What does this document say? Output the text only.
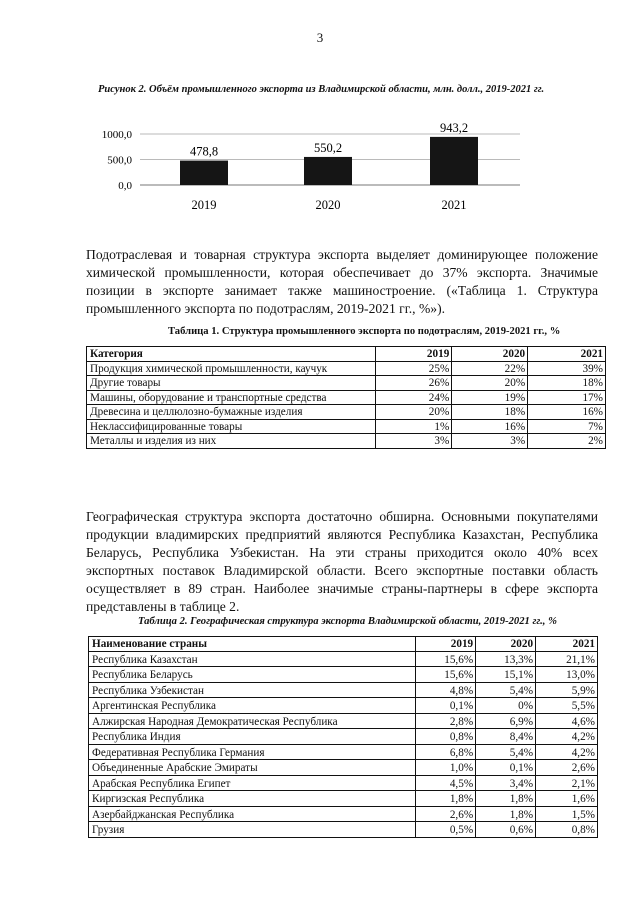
3
Рисунок 2. Объём промышленного экспорта из Владимирской области, млн. долл., 2019-2021 гг.
1000,0
500,0
0,0
478,8	550,2
943,2
2019	2020	2021

Подотраслевая и товарная структура экспорта выделяет доминирующее положение химической промышленности, которая обеспечивает до 37% экспорта. Значимые позиции в экспорте занимает также машиностроение. («Таблица 1. Структура промышленного экспорта по подотраслям, 2019-2021 гг., %»).

Таблица 1. Структура промышленного экспорта по подотраслям, 2019-2021 гг., %
Категория	2019	2020	2021
Продукция химической промышленности, каучук	25%	22%	39%
Другие товары	26%	20%	18%
Машины, оборудование и транспортные средства	24%	19%	17%
Древесина и целлюлозно-бумажные изделия	20%	18%	16%
Неклассифицированные товары	1%	16%	7%
Металлы и изделия из них	3%	3%	2%

Географическая структура экспорта достаточно обширна. Основными покупателями продукции владимирских предприятий являются Республика Казахстан, Республика Беларусь, Республика Узбекистан. На эти страны приходится около 40% всех экспортных поставок Владимирской области. Всего экспортные поставки область осуществляет в 89 стран. Наиболее значимые страны-партнеры в сфере экспорта представлены в таблице 2.

Таблица 2. Географическая структура экспорта Владимирской области, 2019-2021 гг., %
Наименование страны	2019	2020	2021
Республика Казахстан	15,6%	13,3%	21,1%
Республика Беларусь	15,6%	15,1%	13,0%
Республика Узбекистан	4,8%	5,4%	5,9%
Аргентинская Республика	0,1%	0%	5,5%
Алжирская Народная Демократическая Республика	2,8%	6,9%	4,6%
Республика Индия	0,8%	8,4%	4,2%
Федеративная Республика Германия	6,8%	5,4%	4,2%
Объединенные Арабские Эмираты	1,0%	0,1%	2,6%
Арабская Республика Египет	4,5%	3,4%	2,1%
Киргизская Республика	1,8%	1,8%	1,6%
Азербайджанская Республика	2,6%	1,8%	1,5%
Грузия	0,5%	0,6%	0,8%
